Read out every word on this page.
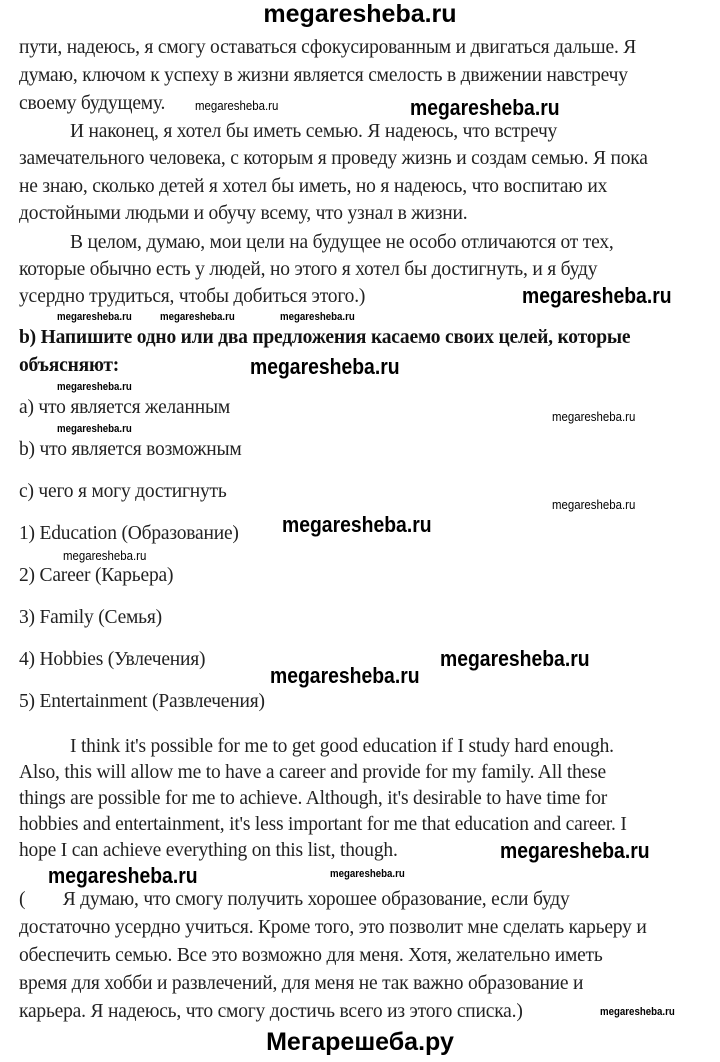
megaresheba.ru
пути, надеюсь, я смогу оставаться сфокусированным и двигаться дальше. Я
думаю, ключом к успеху в жизни является смелость в движении навстречу
своему будущему.
И наконец, я хотел бы иметь семью. Я надеюсь, что встречу
замечательного человека, с которым я проведу жизнь и создам семью. Я пока
не знаю, сколько детей я хотел бы иметь, но я надеюсь, что воспитаю их
достойными людьми и обучу всему, что узнал в жизни.
В целом, думаю, мои цели на будущее не особо отличаются от тех,
которые обычно есть у людей, но этого я хотел бы достигнуть, и я буду
усердно трудиться, чтобы добиться этого.)
b) Напишите одно или два предложения касаемо своих целей, которые
объясняют:
a) что является желанным
b) что является возможным
c) чего я могу достигнуть
1) Education (Образование)
2) Career (Карьера)
3) Family (Семья)
4) Hobbies (Увлечения)
5) Entertainment (Развлечения)
I think it's possible for me to get good education if I study hard enough.
Also, this will allow me to have a career and provide for my family. All these
things are possible for me to achieve. Although, it's desirable to have time for
hobbies and entertainment, it's less important for me that education and career. I
hope I can achieve everything on this list, though.
(        Я думаю, что смогу получить хорошее образование, если буду
достаточно усердно учиться. Кроме того, это позволит мне сделать карьеру и
обеспечить семью. Все это возможно для меня. Хотя, желательно иметь
время для хобби и развлечений, для меня не так важно образование и
карьера. Я надеюсь, что смогу достичь всего из этого списка.)
megaresheba.ru	megaresheba.ru
megaresheba.ru
megaresheba.ru	megaresheba.ru	megaresheba.ru
megaresheba.ru
megaresheba.ru
megaresheba.ru
megaresheba.ru
megaresheba.ru
megaresheba.ru
megaresheba.ru
megaresheba.ru
megaresheba.ru
megaresheba.ru
megaresheba.ru	megaresheba.ru
megaresheba.ru
Мегарешеба.ру
